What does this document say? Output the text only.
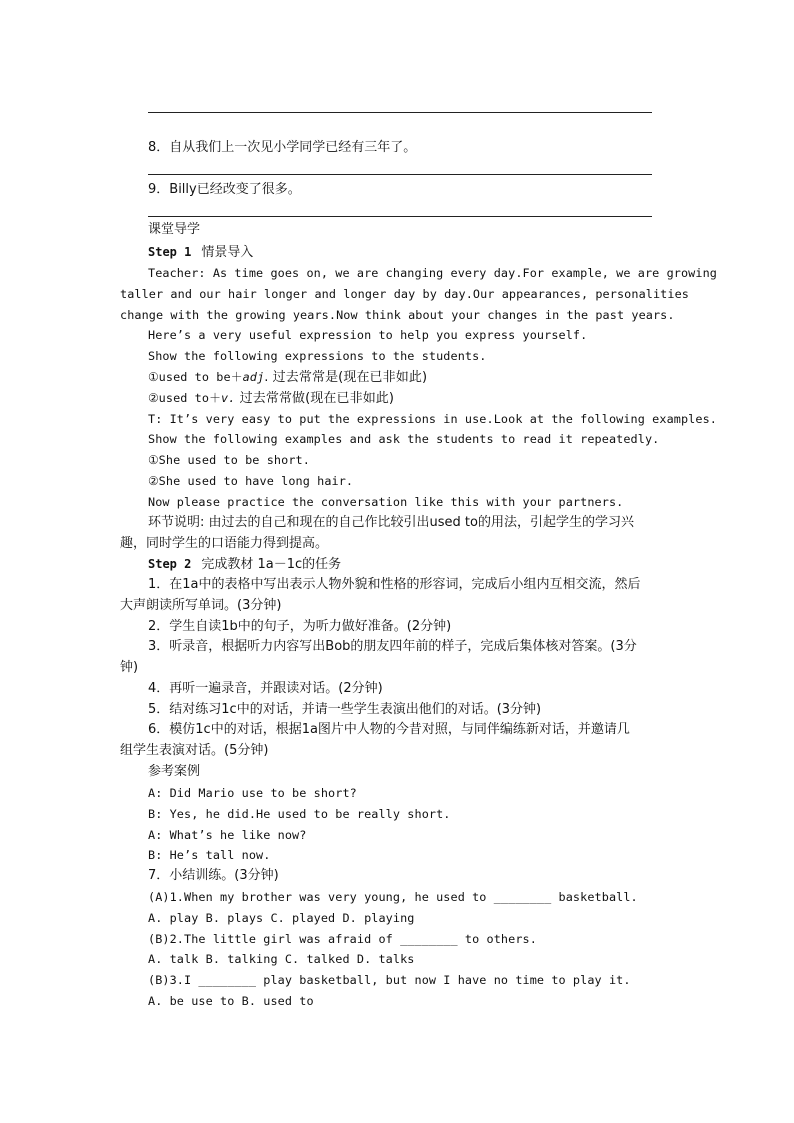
8．自从我们上一次见小学同学已经有三年了。
9．Billy已经改变了很多。
课堂导学
Step 1 情景导入
Teacher: As time goes on, we are changing every day.For example, we are growing
taller and our hair longer and longer day by day.Our appearances, personalities
change with the growing years.Now think about your changes in the past years.
Here’s a very useful expression to help you express yourself.
Show the following expressions to the students.
①used to be＋adj. 过去常常是(现在已非如此)
②used to＋v. 过去常常做(现在已非如此)
T: It’s very easy to put the expressions in use.Look at the following examples.
Show the following examples and ask the students to read it repeatedly.
①She used to be short.
②She used to have long hair.
Now please practice the conversation like this with your partners.
环节说明: 由过去的自己和现在的自己作比较引出used to的用法，引起学生的学习兴
趣，同时学生的口语能力得到提高。
Step 2 完成教材 1a－1c的任务
1．在1a中的表格中写出表示人物外貌和性格的形容词，完成后小组内互相交流，然后
大声朗读所写单词。(3分钟)
2．学生自读1b中的句子，为听力做好准备。(2分钟)
3．听录音，根据听力内容写出Bob的朋友四年前的样子，完成后集体核对答案。(3分
钟)
4．再听一遍录音，并跟读对话。(2分钟)
5．结对练习1c中的对话，并请一些学生表演出他们的对话。(3分钟)
6．模仿1c中的对话，根据1a图片中人物的今昔对照，与同伴编练新对话，并邀请几
组学生表演对话。(5分钟)
参考案例
A: Did Mario use to be short?
B: Yes, he did.He used to be really short.
A: What’s he like now?
B: He’s tall now.
7．小结训练。(3分钟)
(A)1.When my brother was very young, he used to ________ basketball.
A. play B. plays C. played D. playing
(B)2.The little girl was afraid of ________ to others.
A. talk B. talking C. talked D. talks
(B)3.I ________ play basketball, but now I have no time to play it.
A. be use to B. used to
